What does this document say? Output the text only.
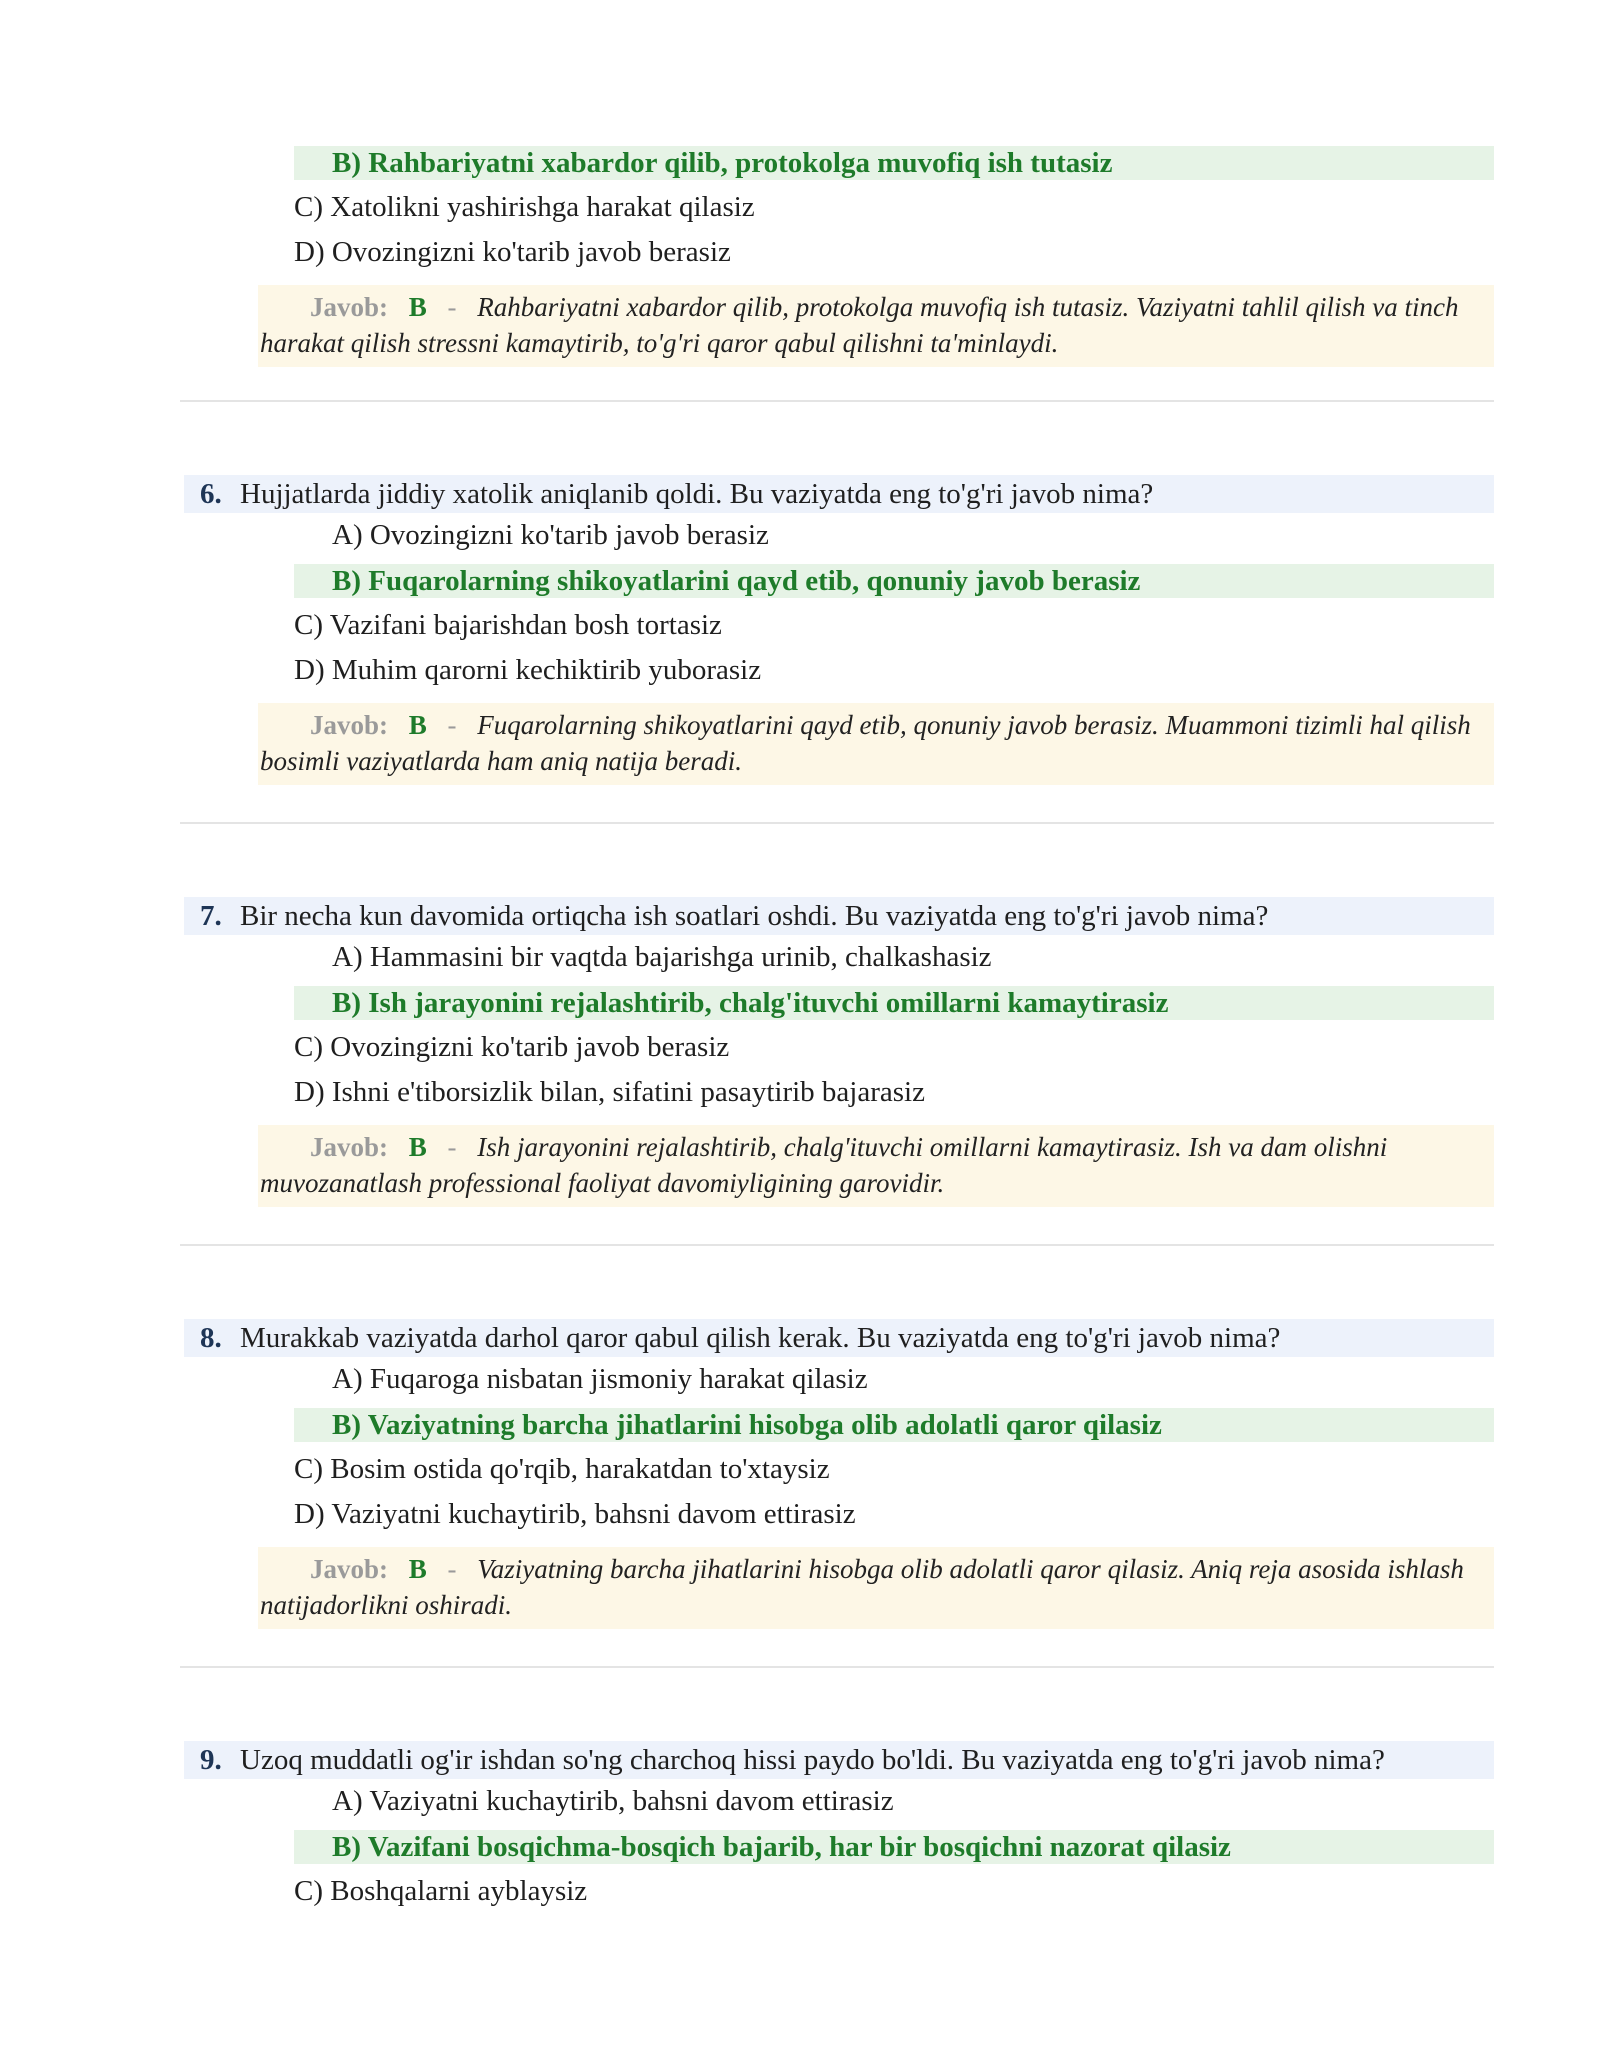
B) Rahbariyatni xabardor qilib, protokolga muvofiq ish tutasiz
C) Xatolikni yashirishga harakat qilasiz
D) Ovozingizni ko'tarib javob berasiz
Javob: B - Rahbariyatni xabardor qilib, protokolga muvofiq ish tutasiz. Vaziyatni tahlil qilish va tinch harakat qilish stressni kamaytirib, to'g'ri qaror qabul qilishni ta'minlaydi.
6. Hujjatlarda jiddiy xatolik aniqlanib qoldi. Bu vaziyatda eng to'g'ri javob nima?
A) Ovozingizni ko'tarib javob berasiz
B) Fuqarolarning shikoyatlarini qayd etib, qonuniy javob berasiz
C) Vazifani bajarishdan bosh tortasiz
D) Muhim qarorni kechiktirib yuborasiz
Javob: B - Fuqarolarning shikoyatlarini qayd etib, qonuniy javob berasiz. Muammoni tizimli hal qilish bosimli vaziyatlarda ham aniq natija beradi.
7. Bir necha kun davomida ortiqcha ish soatlari oshdi. Bu vaziyatda eng to'g'ri javob nima?
A) Hammasini bir vaqtda bajarishga urinib, chalkashasiz
B) Ish jarayonini rejalashtirib, chalg'ituvchi omillarni kamaytirasiz
C) Ovozingizni ko'tarib javob berasiz
D) Ishni e'tiborsizlik bilan, sifatini pasaytirib bajarasiz
Javob: B - Ish jarayonini rejalashtirib, chalg'ituvchi omillarni kamaytirasiz. Ish va dam olishni muvozanatlash professional faoliyat davomiyligining garovidir.
8. Murakkab vaziyatda darhol qaror qabul qilish kerak. Bu vaziyatda eng to'g'ri javob nima?
A) Fuqaroga nisbatan jismoniy harakat qilasiz
B) Vaziyatning barcha jihatlarini hisobga olib adolatli qaror qilasiz
C) Bosim ostida qo'rqib, harakatdan to'xtaysiz
D) Vaziyatni kuchaytirib, bahsni davom ettirasiz
Javob: B - Vaziyatning barcha jihatlarini hisobga olib adolatli qaror qilasiz. Aniq reja asosida ishlash natijadorlikni oshiradi.
9. Uzoq muddatli og'ir ishdan so'ng charchoq hissi paydo bo'ldi. Bu vaziyatda eng to'g'ri javob nima?
A) Vaziyatni kuchaytirib, bahsni davom ettirasiz
B) Vazifani bosqichma-bosqich bajarib, har bir bosqichni nazorat qilasiz
C) Boshqalarni ayblaysiz
